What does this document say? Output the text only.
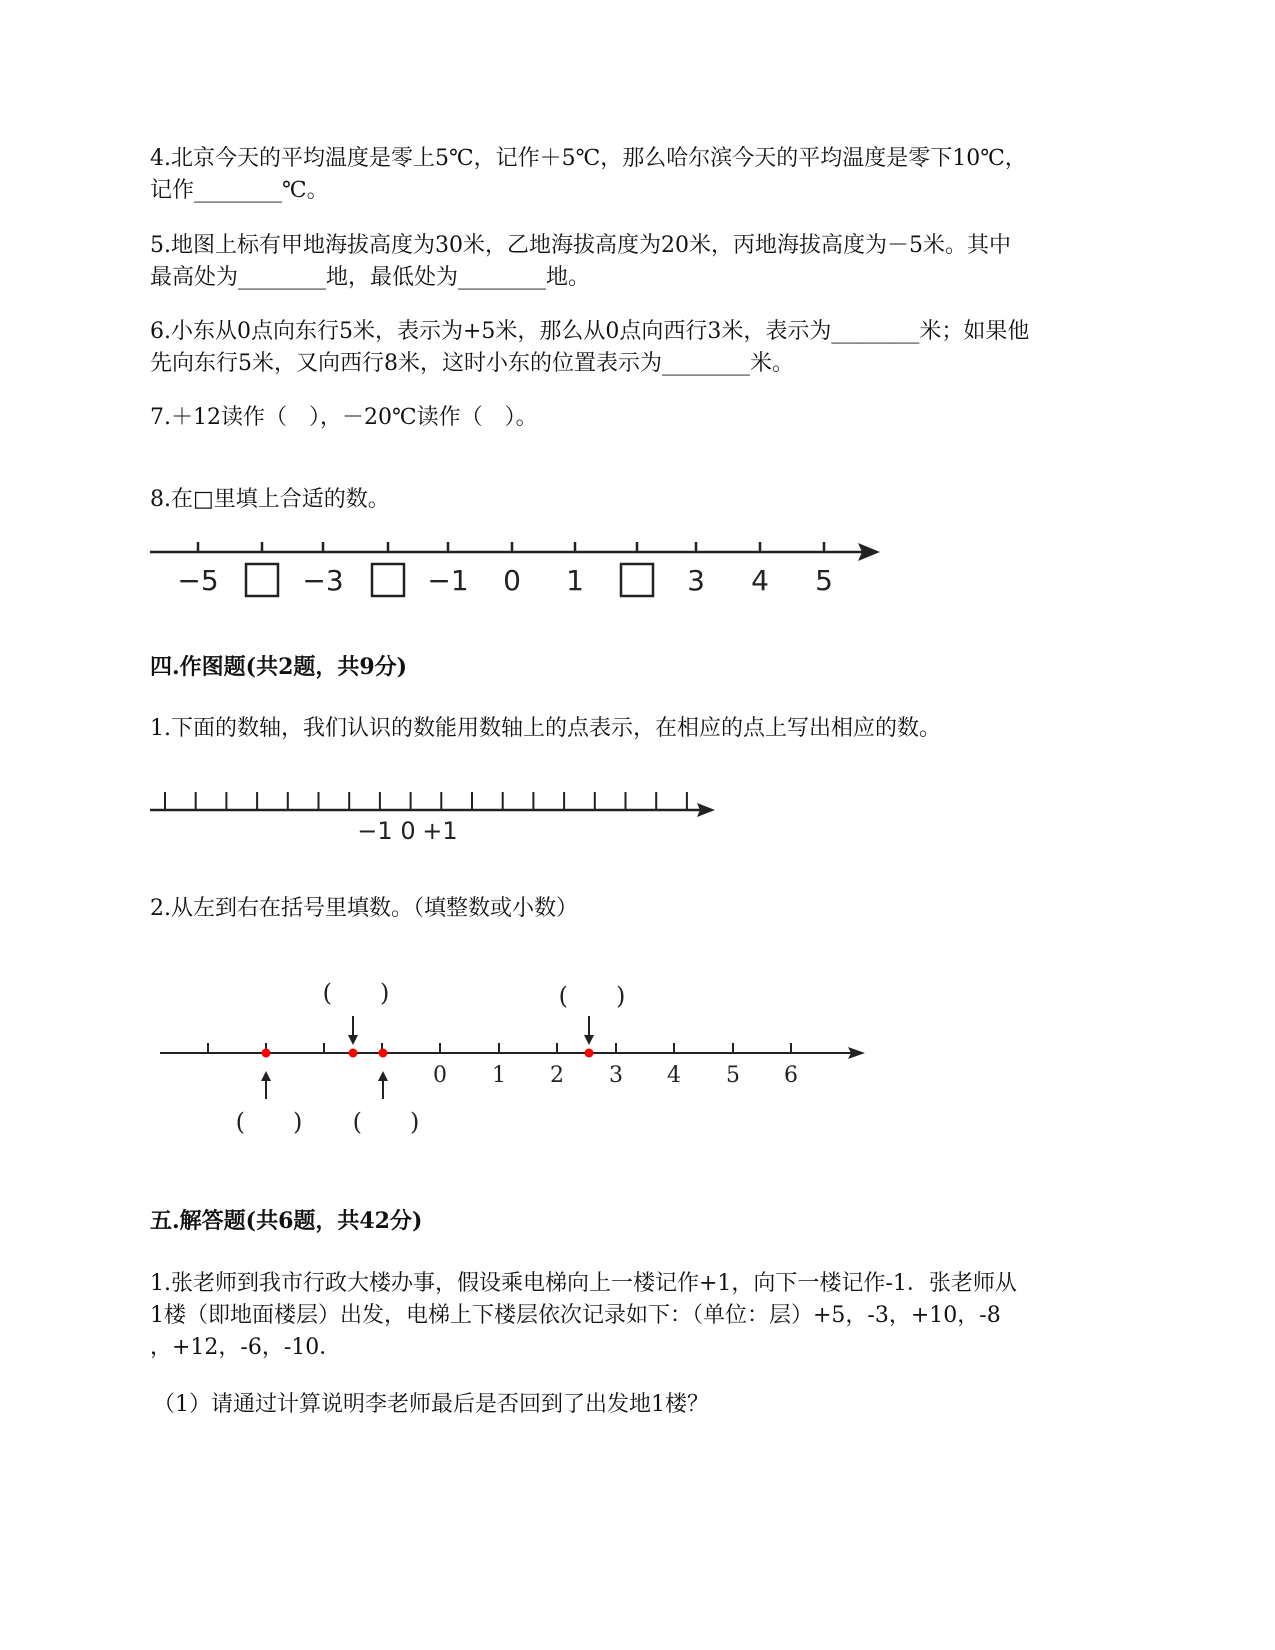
4.北京今天的平均温度是零上5℃，记作＋5℃，那么哈尔滨今天的平均温度是零下10℃，

记作________℃。

5.地图上标有甲地海拔高度为30米，乙地海拔高度为20米，丙地海拔高度为－5米。其中

最高处为________地，最低处为________地。

6.小东从0点向东行5米，表示为+5米，那么从0点向西行3米，表示为________米；如果他

先向东行5米，又向西行8米，这时小东的位置表示为________米。

7.＋12读作（　），－20℃读作（　）。

8.在□里填上合适的数。

−5	−3	−1 0 1	3 4 5

四.作图题(共2题，共9分)

1.下面的数轴，我们认识的数能用数轴上的点表示，在相应的点上写出相应的数。

−1 0 +1

2.从左到右在括号里填数。（填整数或小数）

0 1 2 3 4 5 6
(　　)	(　　)
(　　) (　　)

五.解答题(共6题，共42分)

1.张老师到我市行政大楼办事，假设乘电梯向上一楼记作+1，向下一楼记作-1．张老师从

1楼（即地面楼层）出发，电梯上下楼层依次记录如下：（单位：层）+5，-3，+10，-8

，+12，-6，-10．

（1）请通过计算说明李老师最后是否回到了出发地1楼？
